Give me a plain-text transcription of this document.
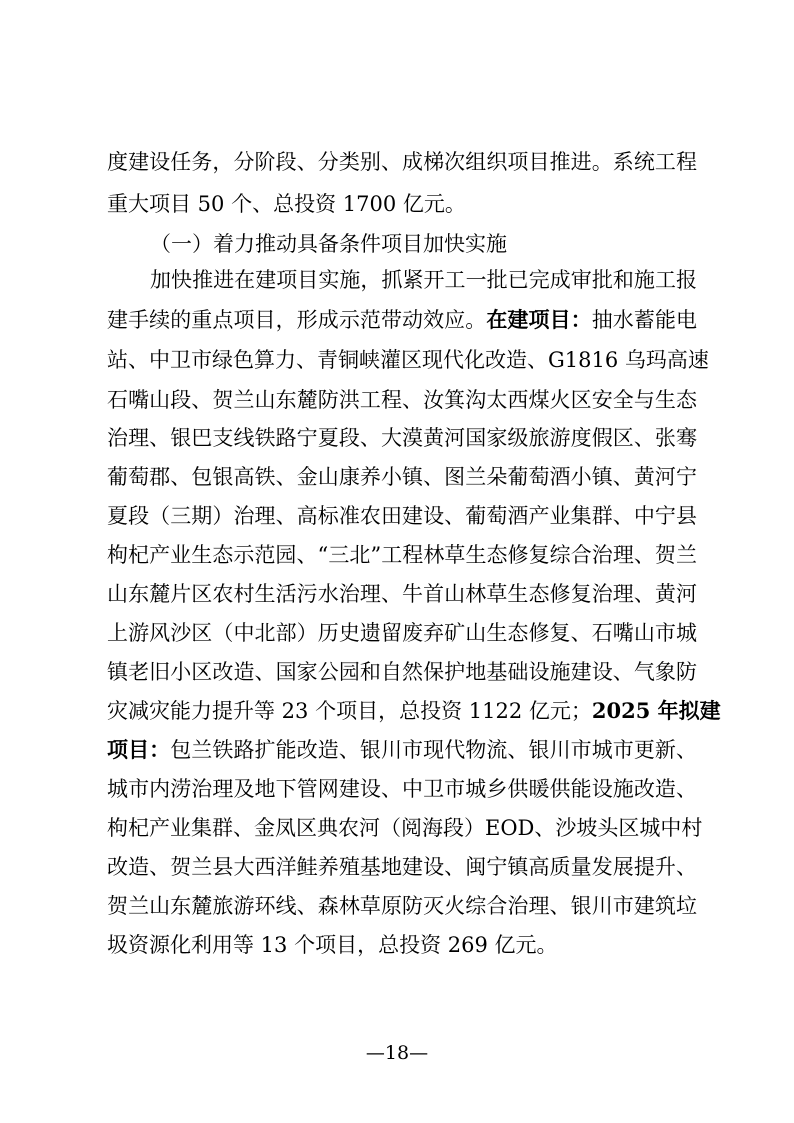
度建设任务，分阶段、分类别、成梯次组织项目推进。系统工程
重大项目 50 个、总投资 1700 亿元。
（一）着力推动具备条件项目加快实施
加快推进在建项目实施，抓紧开工一批已完成审批和施工报
建手续的重点项目，形成示范带动效应。在建项目：抽水蓄能电
站、中卫市绿色算力、青铜峡灌区现代化改造、G1816 乌玛高速
石嘴山段、贺兰山东麓防洪工程、汝箕沟太西煤火区安全与生态
治理、银巴支线铁路宁夏段、大漠黄河国家级旅游度假区、张骞
葡萄郡、包银高铁、金山康养小镇、图兰朵葡萄酒小镇、黄河宁
夏段（三期）治理、高标准农田建设、葡萄酒产业集群、中宁县
枸杞产业生态示范园、“三北”工程林草生态修复综合治理、贺兰
山东麓片区农村生活污水治理、牛首山林草生态修复治理、黄河
上游风沙区（中北部）历史遗留废弃矿山生态修复、石嘴山市城
镇老旧小区改造、国家公园和自然保护地基础设施建设、气象防
灾减灾能力提升等 23 个项目，总投资 1122 亿元；2025 年拟建
项目：包兰铁路扩能改造、银川市现代物流、银川市城市更新、
城市内涝治理及地下管网建设、中卫市城乡供暖供能设施改造、
枸杞产业集群、金凤区典农河（阅海段）EOD、沙坡头区城中村
改造、贺兰县大西洋鲑养殖基地建设、闽宁镇高质量发展提升、
贺兰山东麓旅游环线、森林草原防灭火综合治理、银川市建筑垃
圾资源化利用等 13 个项目，总投资 269 亿元。
—18—
